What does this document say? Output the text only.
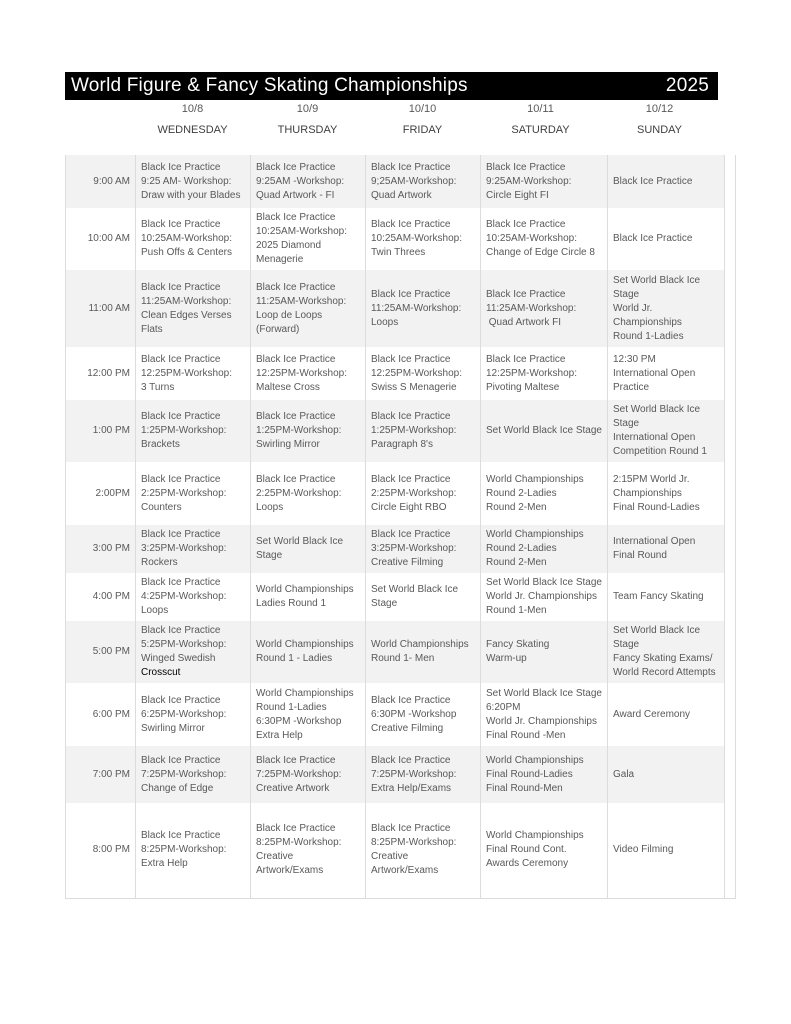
World Figure & Fancy Skating Championships	2025
10/8
WEDNESDAY
10/9
THURSDAY
10/10
FRIDAY
10/11
SATURDAY
10/12
SUNDAY
9:00 AM	
Black Ice Practice
9:25 AM- Workshop:
Draw with your Blades

Black Ice Practice
9:25AM -Workshop:
Quad Artwork - FI

Black Ice Practice
9;25AM-Workshop:
Quad Artwork

Black Ice Practice
9:25AM-Workshop:
Circle Eight FI

Black Ice Practice

10:00 AM	
Black Ice Practice
10:25AM-Workshop:
Push Offs & Centers

Black Ice Practice
10:25AM-Workshop:
2025 Diamond
Menagerie

Black Ice Practice
10:25AM-Workshop:
Twin Threes

Black Ice Practice
10:25AM-Workshop:
Change of Edge Circle 8

Black Ice Practice

11:00 AM	
Black Ice Practice
11:25AM-Workshop:
Clean Edges Verses
Flats

Black Ice Practice
11:25AM-Workshop:
Loop de Loops
(Forward)

Black Ice Practice
11:25AM-Workshop:
Loops

Black Ice Practice
11:25AM-Workshop:
Quad Artwork FI

Set World Black Ice
Stage
World Jr.
Championships
Round 1-Ladies

12:00 PM	
Black Ice Practice
12:25PM-Workshop:
3 Turns

Black Ice Practice
12:25PM-Workshop:
Maltese Cross

Black Ice Practice
12:25PM-Workshop:
Swiss S Menagerie

Black Ice Practice
12:25PM-Workshop:
Pivoting Maltese

12:30 PM
International Open
Practice

1:00 PM	
Black Ice Practice
1:25PM-Workshop:
Brackets

Black Ice Practice
1:25PM-Workshop:
Swirling Mirror

Black Ice Practice
1:25PM-Workshop:
Paragraph 8's

Set World Black Ice Stage

Set World Black Ice
Stage
International Open
Competition Round 1

2:00PM	
Black Ice Practice
2:25PM-Workshop:
Counters

Black Ice Practice
2:25PM-Workshop:
Loops

Black Ice Practice
2:25PM-Workshop:
Circle Eight RBO

World Championships
Round 2-Ladies
Round 2-Men

2:15PM World Jr.
Championships
Final Round-Ladies

3:00 PM	
Black Ice Practice
3:25PM-Workshop:
Rockers

Set World Black Ice
Stage

Black Ice Practice
3:25PM-Workshop:
Creative Filming

World Championships
Round 2-Ladies
Round 2-Men

International Open
Final Round

4:00 PM	
Black Ice Practice
4:25PM-Workshop:
Loops

World Championships
Ladies Round 1

Set World Black Ice
Stage

Set World Black Ice Stage
World Jr. Championships
Round 1-Men

Team Fancy Skating

5:00 PM	
Black Ice Practice
5:25PM-Workshop:
Winged Swedish
Crosscut

World Championships
Round 1 - Ladies

World Championships
Round 1- Men

Fancy Skating
Warm-up

Set World Black Ice
Stage
Fancy Skating Exams/
World Record Attempts

6:00 PM	
Black Ice Practice
6:25PM-Workshop:
Swirling Mirror

World Championships
Round 1-Ladies
6:30PM -Workshop
Extra Help

Black Ice Practice
6:30PM -Workshop
Creative Filming

Set World Black Ice Stage
6:20PM
World Jr. Championships
Final Round -Men

Award Ceremony

7:00 PM	
Black Ice Practice
7:25PM-Workshop:
Change of Edge

Black Ice Practice
7:25PM-Workshop:
Creative Artwork

Black Ice Practice
7:25PM-Workshop:
Extra Help/Exams

World Championships
Final Round-Ladies
Final Round-Men

Gala

8:00 PM	
Black Ice Practice
8:25PM-Workshop:
Extra Help

Black Ice Practice
8:25PM-Workshop:
Creative
Artwork/Exams

Black Ice Practice
8:25PM-Workshop:
Creative
Artwork/Exams

World Championships
Final Round Cont.
Awards Ceremony

Video Filming
